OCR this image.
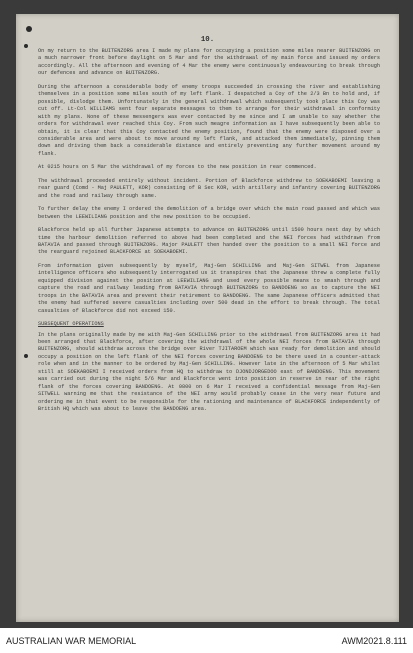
10.

On my return to the BUITENZORG area I made my plans for occupying a position some miles nearer BUITENZORG on a much narrower front before daylight on 5 Mar and for the withdrawal of my main force and issued my orders accordingly. All the afternoon and evening of 4 Mar the enemy were continuously endeavouring to break through our defences and advance on BUITENZORG.

During the afternoon a considerable body of enemy troops succeeded in crossing the river and establishing themselves in a position some miles south of my left flank. I despatched a Coy of the 2/3 Bn to hold and, if possible, dislodge them. Unfortunately in the general withdrawal which subsequently took place this Coy was cut off. Lt-Col WILLIAMS sent four separate messages to them to arrange for their withdrawal in conformity with my plans. None of these messengers was ever contacted by me since and I am unable to say whether the orders for withdrawal ever reached this Coy. From such meagre information as I have subsequently been able to obtain, it is clear that this Coy contacted the enemy position, found that the enemy were disposed over a considerable area and were about to move around my left flank, and attacked them immediately, pinning them down and driving them back a considerable distance and entirely preventing any further movement around my flank.

At 0215 hours on 5 Mar the withdrawal of my forces to the new position in rear commenced.

The withdrawal proceeded entirely without incident. Portion of Blackforce withdrew to SOEKABOEMI leaving a rear guard (Comd - Maj PAULETT, KOR) consisting of B Sec KOR, with artillery and infantry covering BUITENZORG and the road and railway through same.

To further delay the enemy I ordered the demolition of a bridge over which the main road passed and which was between the LEEWILIANG position and the new position to be occupied.

Blackforce held up all further Japanese attempts to advance on BUITENZORG until 1500 hours next day by which time the harbour demolition referred to above had been completed and the NEI forces had withdrawn from BATAVIA and passed through BUITENZORG. Major PAULETT then handed over the position to a small NEI force and the rearguard rejoined BLACKFORCE at SOEKABOEMI.

From information given subsequently by myself, Maj-Gen SCHILLING and Maj-Gen SITWEL from Japanese intelligence officers who subsequently interrogated us it transpires that the Japanese threw a complete fully equipped division against the position at LEEWILIANG and used every possible means to smash through and capture the road and railway leading from BATAVIA through BUITENZORG to BANDOENG so as to capture the NEI troops in the BATAVIA area and prevent their retirement to BANDOENG. The same Japanese officers admitted that the enemy had suffered severe casualties including over 500 dead in the effort to break through. The total casualties of Blackforce did not exceed 150.

SUBSEQUENT OPERATIONS

In the plans originally made by me with Maj-Gen SCHILLING prior to the withdrawal from BUITENZORG area it had been arranged that Blackforce, after covering the withdrawal of the whole NEI forces from BATAVIA through BUITENZORG, should withdraw across the bridge over River TJITAROEM which was ready for demolition and should occupy a position on the left flank of the NEI forces covering BANDOENG to be there used in a counter-attack role when and in the manner to be ordered by Maj-Gen SCHILLING. However late in the afternoon of 5 Mar whilst still at SOEKABOEMI I received orders from HQ to withdraw to DJONDJORGEDOO east of BANDOENG. This movement was carried out during the night 5/6 Mar and Blackforce went into position in reserve in rear of the right flank of the forces covering BANDOENG. At 0800 on 6 Mar I received a confidential message from Maj-Gen SITWELL warning me that the resistance of the NEI army would probably cease in the very near future and ordering me in that event to be responsible for the rationing and maintenance of BLACKFORCE independently of British HQ which was about to leave the BANDOENG area.

AUSTRALIAN WAR MEMORIAL	AWM2021.8.111
